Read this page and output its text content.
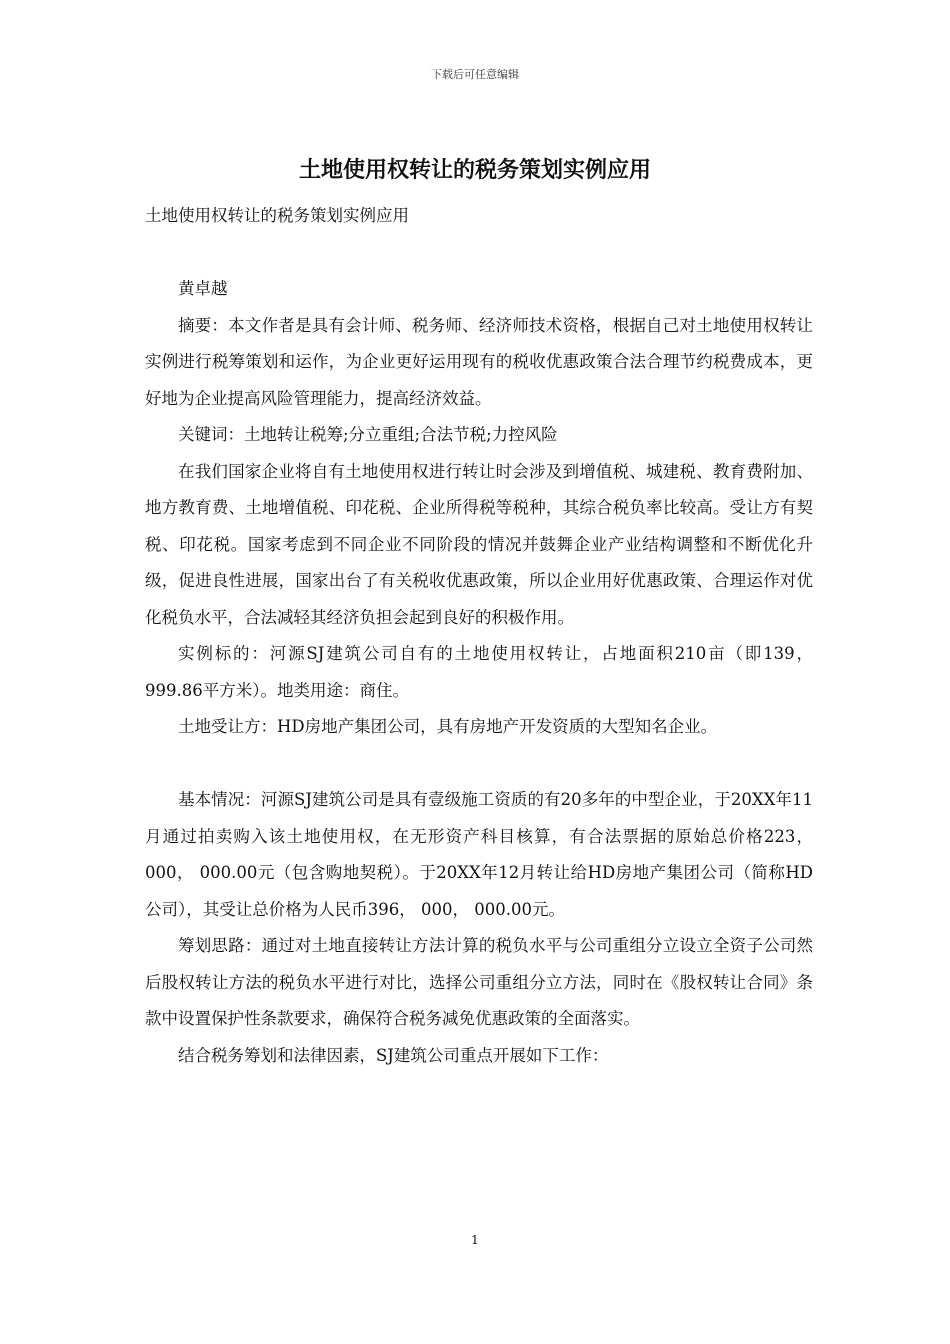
下载后可任意编辑
土地使用权转让的税务策划实例应用

土地使用权转让的税务策划实例应用

黄卓越

摘要：本文作者是具有会计师、税务师、经济师技术资格，根据自己对土地使用权转让实例进行税筹策划和运作，为企业更好运用现有的税收优惠政策合法合理节约税费成本，更好地为企业提高风险管理能力，提高经济效益。

关键词：土地转让税筹;分立重组;合法节税;力控风险

在我们国家企业将自有土地使用权进行转让时会涉及到增值税、城建税、教育费附加、地方教育费、土地增值税、印花税、企业所得税等税种，其综合税负率比较高。受让方有契税、印花税。国家考虑到不同企业不同阶段的情况并鼓舞企业产业结构调整和不断优化升级，促进良性进展，国家出台了有关税收优惠政策，所以企业用好优惠政策、合理运作对优化税负水平，合法减轻其经济负担会起到良好的积极作用。

实例标的：河源SJ建筑公司自有的土地使用权转让，占地面积210亩（即139， 999.86平方米）。地类用途：商住。

土地受让方：HD房地产集团公司，具有房地产开发资质的大型知名企业。

基本情况：河源SJ建筑公司是具有壹级施工资质的有20多年的中型企业，于20XX年11月通过拍卖购入该土地使用权，在无形资产科目核算，有合法票据的原始总价格223， 000， 000.00元（包含购地契税）。于20XX年12月转让给HD房地产集团公司（简称HD公司），其受让总价格为人民币396， 000， 000.00元。

筹划思路：通过对土地直接转让方法计算的税负水平与公司重组分立设立全资子公司然后股权转让方法的税负水平进行对比，选择公司重组分立方法，同时在《股权转让合同》条款中设置保护性条款要求，确保符合税务减免优惠政策的全面落实。

结合税务筹划和法律因素，SJ建筑公司重点开展如下工作：

1
